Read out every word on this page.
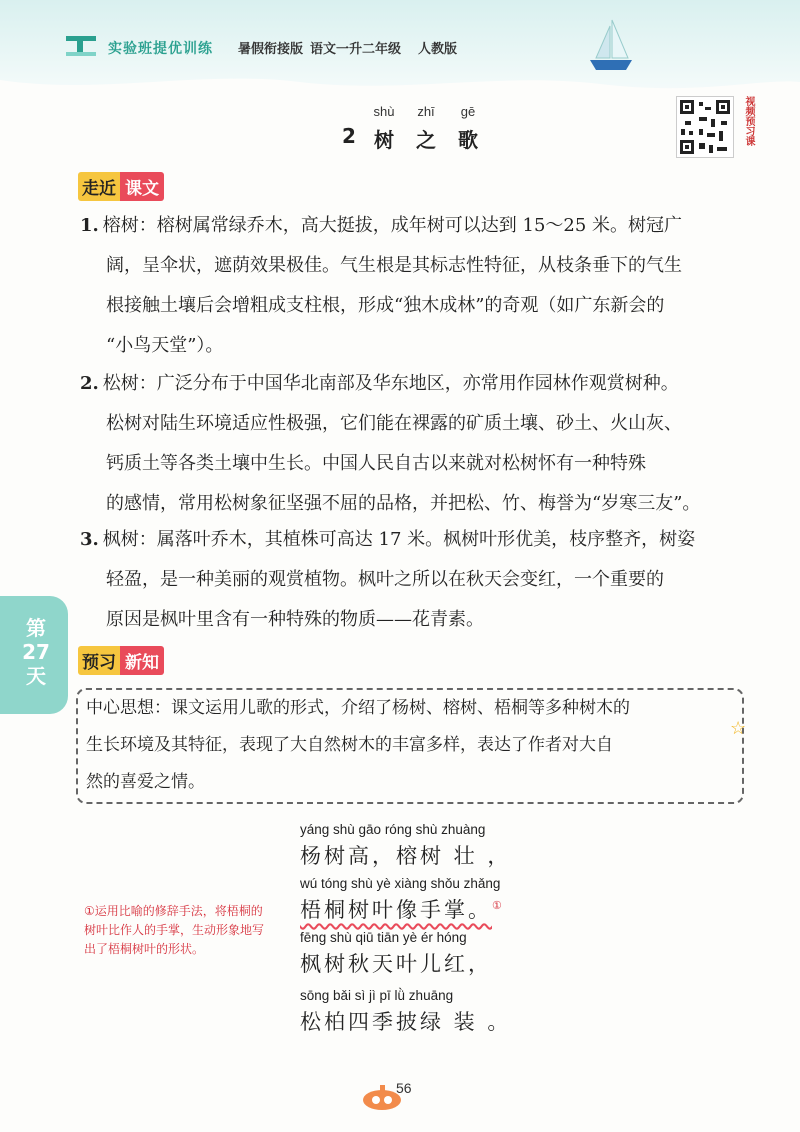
实验班提优训练 暑假衔接版 语文一升二年级 人教版
shù zhī	gē
2 树 之 歌	视频预习课
走近 课文
1. 榕树：榕树属常绿乔木，高大挺拔，成年树可以达到 15～25 米。树冠广
阔，呈伞状，遮荫效果极佳。气生根是其标志性特征，从枝条垂下的气生
根接触土壤后会增粗成支柱根，形成“独木成林”的奇观（如广东新会的
“小鸟天堂”）。
2. 松树：广泛分布于中国华北南部及华东地区，亦常用作园林作观赏树种。
松树对陆生环境适应性极强，它们能在裸露的矿质土壤、砂土、火山灰、
钙质土等各类土壤中生长。中国人民自古以来就对松树怀有一种特殊
的感情，常用松树象征坚强不屈的品格，并把松、竹、梅誉为“岁寒三友”。
3. 枫树：属落叶乔木，其植株可高达 17 米。枫树叶形优美，枝序整齐，树姿
轻盈，是一种美丽的观赏植物。枫叶之所以在秋天会变红，一个重要的
原因是枫叶里含有一种特殊的物质——花青素。
第
27
天
预习 新知
中心思想：课文运用儿歌的形式，介绍了杨树、榕树、梧桐等多种树木的
生长环境及其特征，表现了大自然树木的丰富多样，表达了作者对大自
然的喜爱之情。
☆
yáng shù gāo róng shù zhuàng
杨树高，榕树 壮 ，
wú tóng shù yè xiàng shǒu zhǎng
梧桐树叶像手掌。①
fēng shù qiū tiān yè ér hóng
枫树秋天叶儿红，
sōng bǎi sì jì pī lǜ zhuāng
松柏四季披绿 装 。
①运用比喻的修辞手法，将梧桐的树叶比作人的手掌，生动形象地写出了梧桐树叶的形状。
56
